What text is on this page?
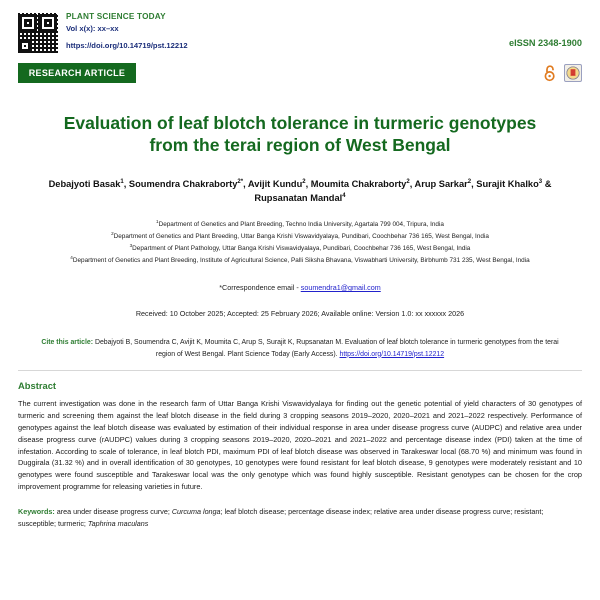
PLANT SCIENCE TODAY
Vol x(x): xx–xx
https://doi.org/10.14719/pst.12212
RESEARCH ARTICLE
eISSN 2348-1900
Evaluation of leaf blotch tolerance in turmeric genotypes from the terai region of West Bengal
Debajyoti Basak$^1$, Soumendra Chakraborty$^{2*}$, Avijit Kundu$^2$, Moumita Chakraborty$^2$, Arup Sarkar$^2$, Surajit Khalko$^3$ & Rupsanatan Mandal$^4$
$^1$Department of Genetics and Plant Breeding, Techno India University, Agartala 799 004, Tripura, India
$^2$Department of Genetics and Plant Breeding, Uttar Banga Krishi Viswavidyalaya, Pundibari, Coochbehar 736 165, West Bengal, India
$^3$Department of Plant Pathology, Uttar Banga Krishi Viswavidyalaya, Pundibari, Coochbehar 736 165, West Bengal, India
$^4$Department of Genetics and Plant Breeding, Institute of Agricultural Science, Palli Siksha Bhavana, Viswabharti University, Birbhumb 731 235, West Bengal, India
*Correspondence email - soumendra1@gmail.com
Received: 10 October 2025; Accepted: 25 February 2026; Available online: Version 1.0: xx xxxxxx 2026
Cite this article: Debajyoti B, Soumendra C, Avijit K, Moumita C, Arup S, Surajit K, Rupsanatan M. Evaluation of leaf blotch tolerance in turmeric genotypes from the terai region of West Bengal. Plant Science Today (Early Access). https://doi.org/10.14719/pst.12212
Abstract
The current investigation was done in the research farm of Uttar Banga Krishi Viswavidyalaya for finding out the genetic potential of yield characters of 30 genotypes of turmeric and screening them against the leaf blotch disease in the field during 3 cropping seasons 2019–2020, 2020–2021 and 2021–2022 respectively. Performance of genotypes against the leaf blotch disease was evaluated by estimation of their individual response in area under disease progress curve (AUDPC) and relative area under disease progress curve (rAUDPC) values during 3 cropping seasons 2019–2020, 2020–2021 and 2021–2022 and percentage disease index (PDI) taken at the time of infestation. According to scale of tolerance, in leaf blotch PDI, maximum PDI of leaf blotch disease was observed in Tarakeswar local (68.70 %) and minimum was found in Duggirala (31.32 %) and in overall identification of 30 genotypes, 10 genotypes were found resistant for leaf blotch disease, 9 genotypes were moderately resistant and 10 genotypes were found susceptible and Tarakeswar local was the only genotype which was found highly susceptible. Resistant genotypes can be chosen for the crop improvement programme for releasing varieties in future.
Keywords: area under disease progress curve; Curcuma longa; leaf blotch disease; percentage disease index; relative area under disease progress curve; resistant; susceptible; turmeric; Taphrina maculans
